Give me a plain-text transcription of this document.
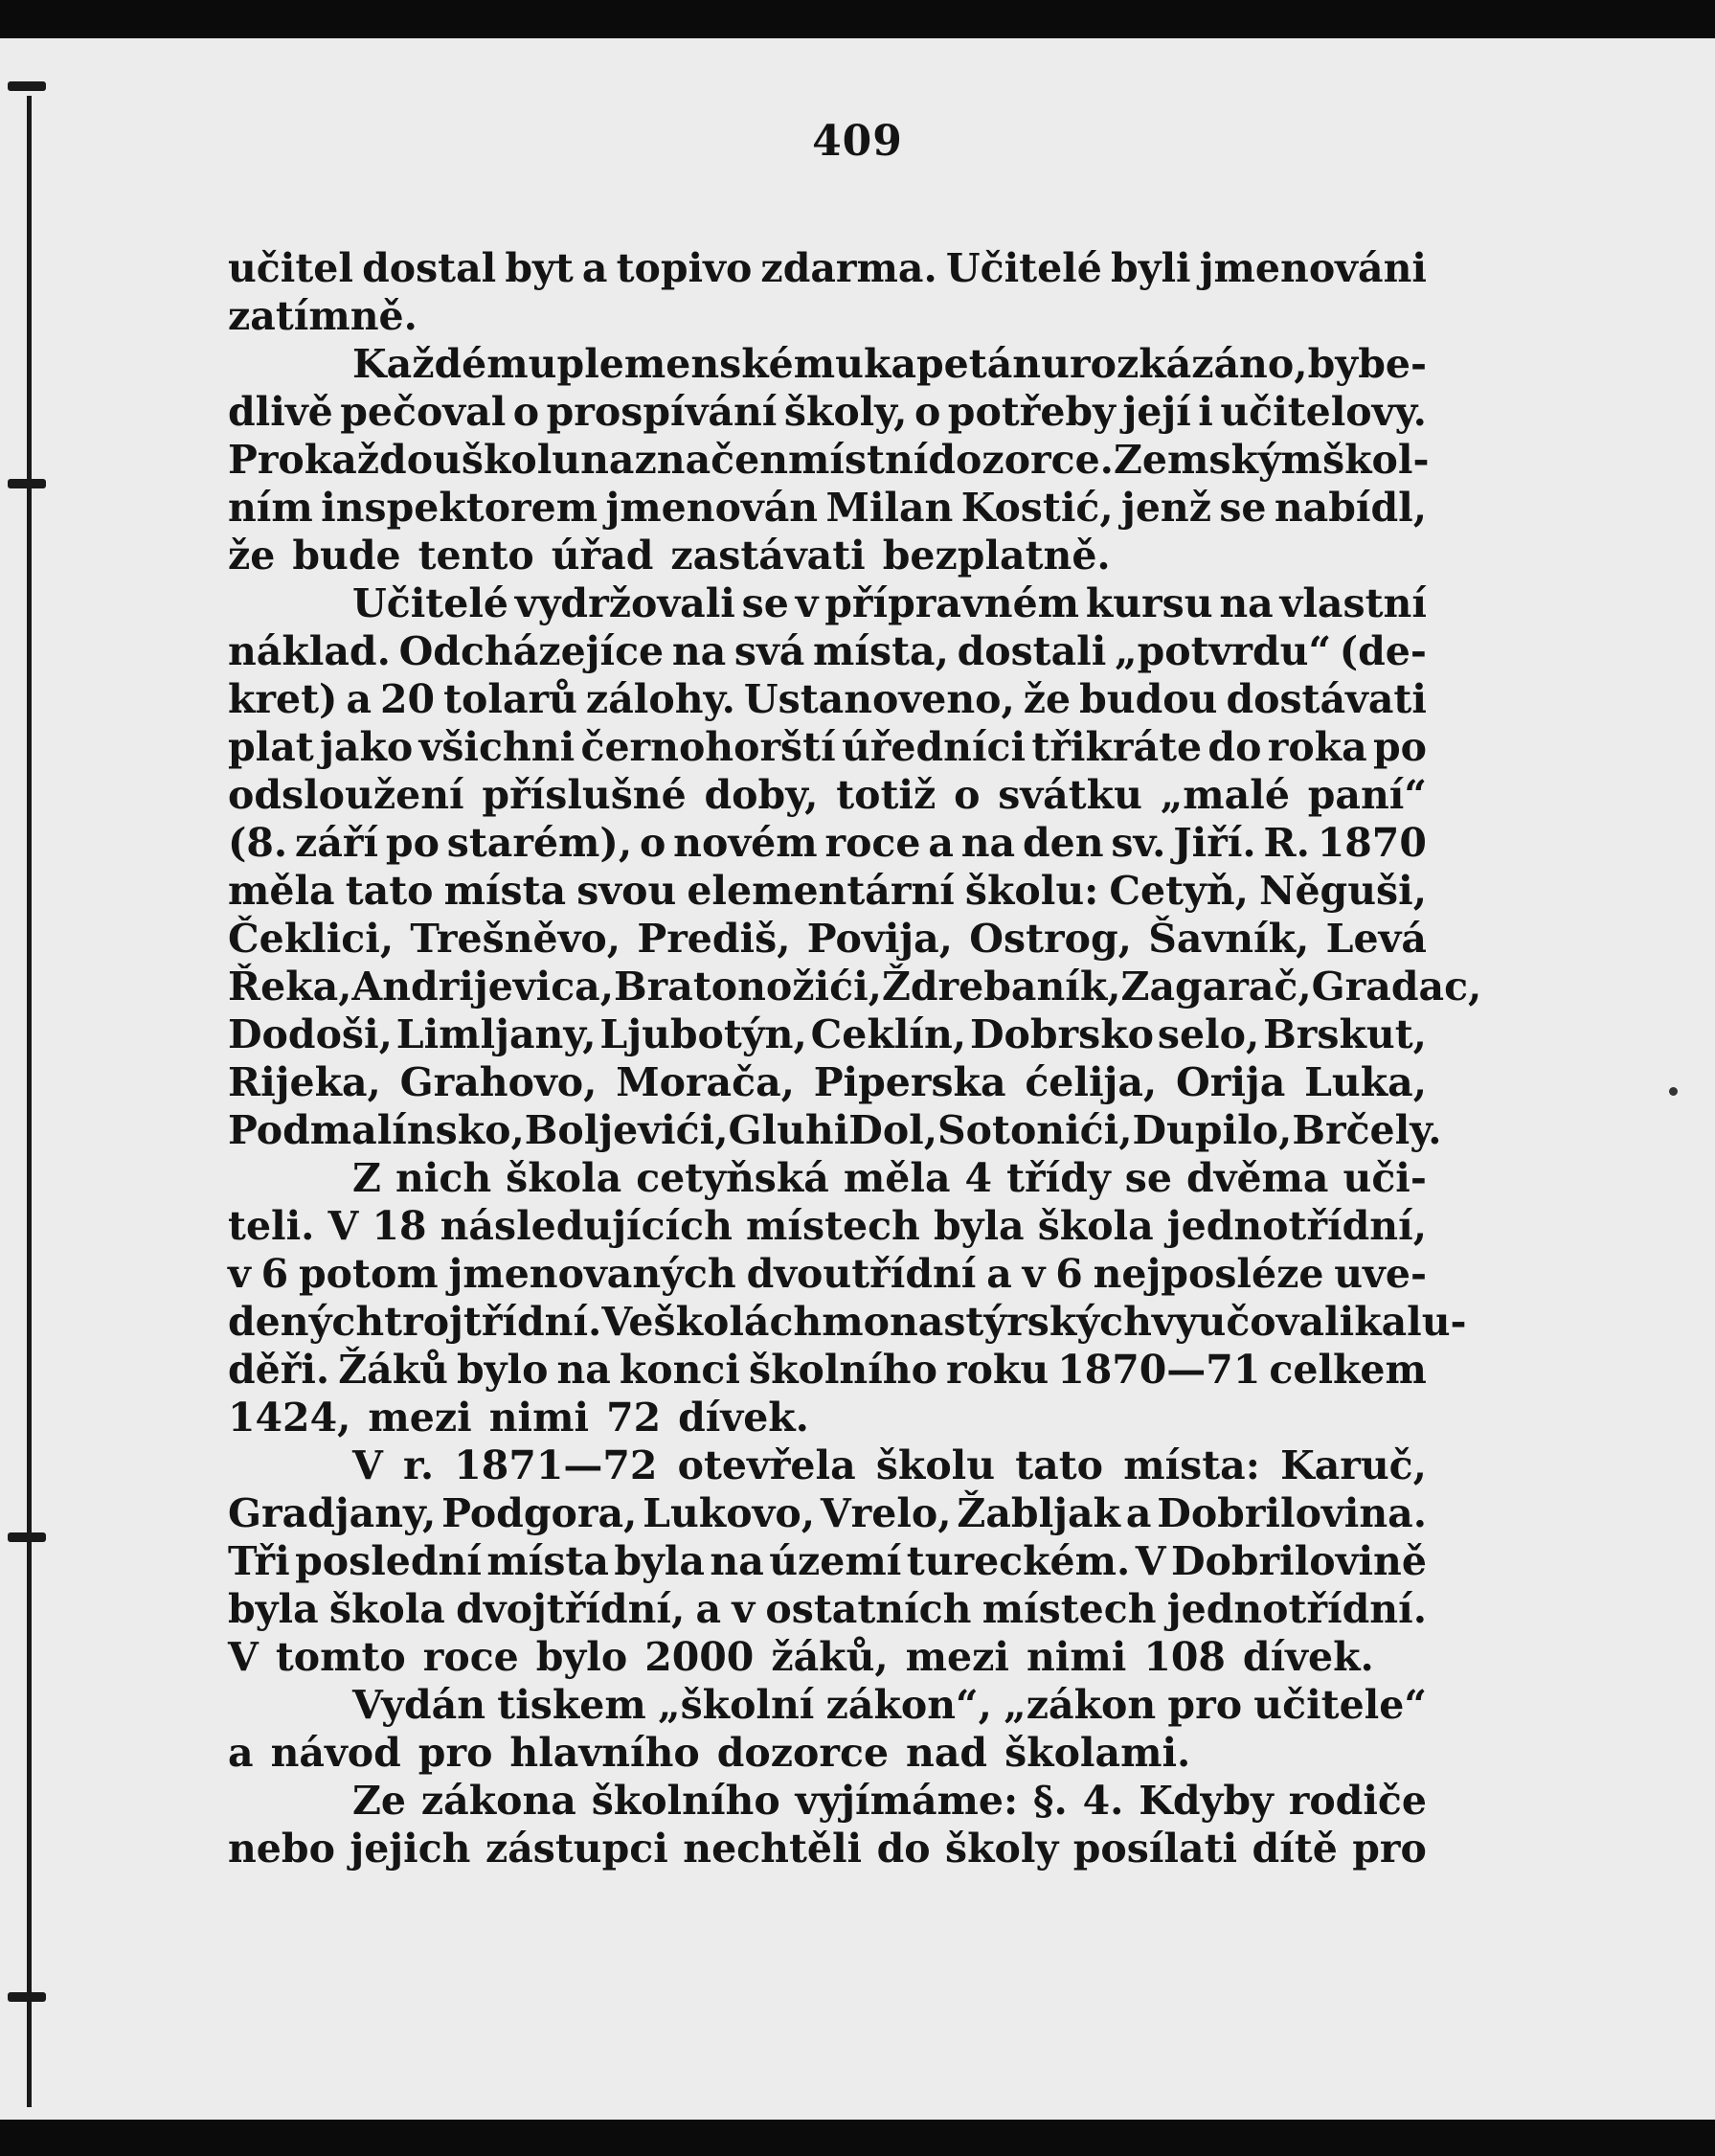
409
učitel dostal byt a topivo zdarma. Učitelé byli jmenováni
zatímně.
Každému plemenskému kapetánu rozkázáno, by be-
dlivě pečoval o prospívání školy, o potřeby její i učitelovy.
Pro každou školu naznačen místní dozorce. Zemským škol-
ním inspektorem jmenován Milan Kostić, jenž se nabídl,
že bude tento úřad zastávati bezplatně.
Učitelé vydržovali se v přípravném kursu na vlastní
náklad. Odcházejíce na svá místa, dostali „potvrdu“ (de-
kret) a 20 tolarů zálohy. Ustanoveno, že budou dostávati
plat jako všichni černohorští úředníci třikráte do roka po
odsloužení příslušné doby, totiž o svátku „malé paní“
(8. září po starém), o novém roce a na den sv. Jiří. R. 1870
měla tato místa svou elementární školu: Cetyň, Něguši,
Čeklici, Trešněvo, Prediš, Povija, Ostrog, Šavník, Levá
Řeka, Andrijevica, Bratonožići, Ždrebaník, Zagarač, Gradac,
Dodoši, Limljany, Ljubotýn, Ceklín, Dobrsko selo, Brskut,
Rijeka, Grahovo, Morača, Piperska ćelija, Orija Luka,
Podmalínsko, Boljevići, Gluhi Dol, Sotonići, Dupilo, Brčely.
Z nich škola cetyňská měla 4 třídy se dvěma uči-
teli. V 18 následujících místech byla škola jednotřídní,
v 6 potom jmenovaných dvoutřídní a v 6 nejposléze uve-
dených trojtřídní. Ve školách monastýrských vyučovali kalu-
děři. Žáků bylo na konci školního roku 1870—71 celkem
1424, mezi nimi 72 dívek.
V r. 1871—72 otevřela školu tato místa: Karuč,
Gradjany, Podgora, Lukovo, Vrelo, Žabljak a Dobrilovina.
Tři poslední místa byla na území tureckém. V Dobrilovině
byla škola dvojtřídní, a v ostatních místech jednotřídní.
V tomto roce bylo 2000 žáků, mezi nimi 108 dívek.
Vydán tiskem „školní zákon“, „zákon pro učitele“
a návod pro hlavního dozorce nad školami.
Ze zákona školního vyjímáme: §. 4. Kdyby rodiče
nebo jejich zástupci nechtěli do školy posílati dítě pro
